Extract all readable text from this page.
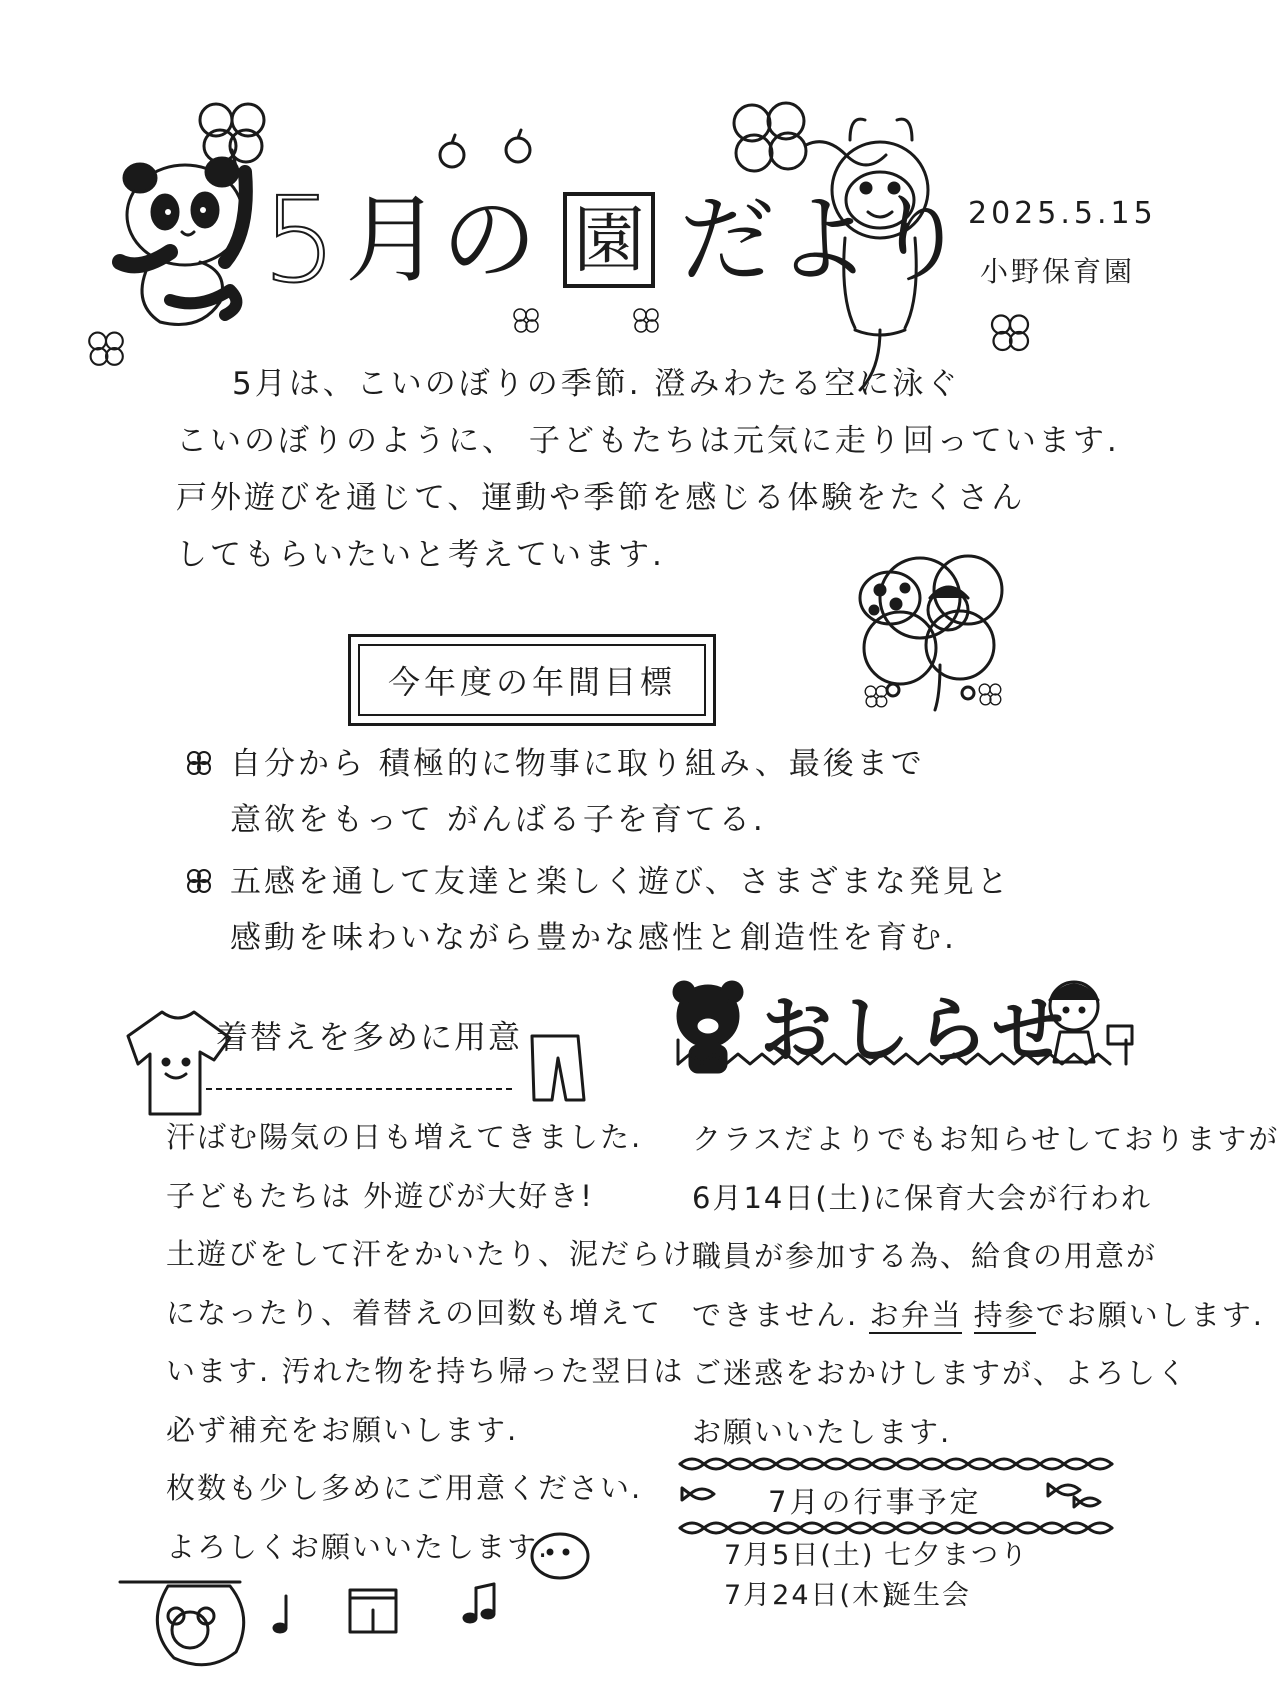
5 月の 園 だより 2025.5.15
小野保育園

5月は、こいのぼりの季節. 澄みわたる空に泳ぐ

こいのぼりのように、 子どもたちは元気に走り回っています.

戸外遊びを通じて、運動や季節を感じる体験をたくさん

してもらいたいと考えています.

今年度の年間目標

自分から 積極的に物事に取り組み、最後まで

意欲をもって がんばる子を育てる.

五感を通して友達と楽しく遊び、さまざまな発見と

感動を味わいながら豊かな感性と創造性を育む.

着替えを多めに用意

汗ばむ陽気の日も増えてきました.

子どもたちは 外遊びが大好き!

土遊びをして汗をかいたり、泥だらけ

になったり、着替えの回数も増えて

います. 汚れた物を持ち帰った翌日は

必ず補充をお願いします.

枚数も少し多めにご用意ください.

よろしくお願いいたします.

おしらせ

クラスだよりでもお知らせしておりますが

6月14日(土)に保育大会が行われ

職員が参加する為、給食の用意が

できません. お弁当 持参でお願いします.

ご迷惑をおかけしますが、よろしく

お願いいたします.

7月の行事予定

7月5日(土) 七夕まつり

7月24日(木)誕生会
